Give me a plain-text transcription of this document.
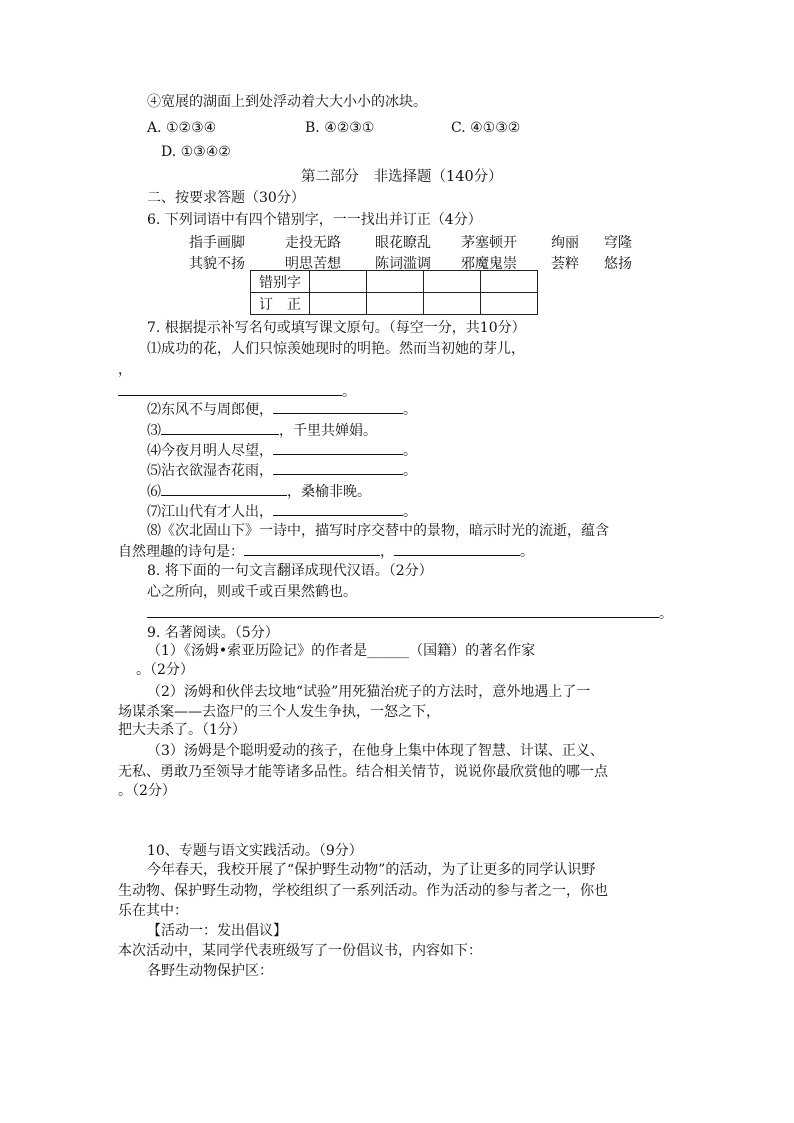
④宽展的湖面上到处浮动着大大小小的冰块。
A. ①②③④	B. ④②③①	C. ④①③②
D. ①③④②
第二部分　非选择题（140分）
二、按要求答题（30分）
6. 下列词语中有四个错别字，一一找出并订正（4分）
指手画脚	走投无路 眼花瞭乱 茅塞顿开 绚丽 穹隆
其貌不扬	明思苦想 陈词滥调 邪魔鬼崇 荟粹 悠扬
错别字				
订　正				
7. 根据提示补写名句或填写课文原句。（每空一分，共10分）
⑴成功的花，人们只惊羡她现时的明艳。然而当初她的芽儿，
，
。
⑵东风不与周郎便，	。
⑶	，千里共婵娟。
⑷今夜月明人尽望，	。
⑸沾衣欲湿杏花雨，	。
⑹	，桑榆非晚。
⑺江山代有才人出，	。
⑻《次北固山下》一诗中，描写时序交替中的景物，暗示时光的流逝，蕴含
自然理趣的诗句是：	，	。
8. 将下面的一句文言翻译成现代汉语。（2分）
心之所向，则或千或百果然鹤也。
。
9. 名著阅读。（5分）
（1）《汤姆•索亚历险记》的作者是______（国籍）的著名作家
。（2分）
（2）汤姆和伙伴去坟地“试验”用死猫治疣子的方法时，意外地遇上了一
场谋杀案——去盗尸的三个人发生争执，一怒之下，
把大夫杀了。（1分）
（3）汤姆是个聪明爱动的孩子，在他身上集中体现了智慧、计谋、正义、
无私、勇敢乃至领导才能等诸多品性。结合相关情节，说说你最欣赏他的哪一点
。（2分）
10、专题与语文实践活动。（9分）
今年春天，我校开展了“保护野生动物”的活动，为了让更多的同学认识野
生动物、保护野生动物，学校组织了一系列活动。作为活动的参与者之一，你也
乐在其中：
【活动一：发出倡议】
本次活动中，某同学代表班级写了一份倡议书，内容如下：
各野生动物保护区：
